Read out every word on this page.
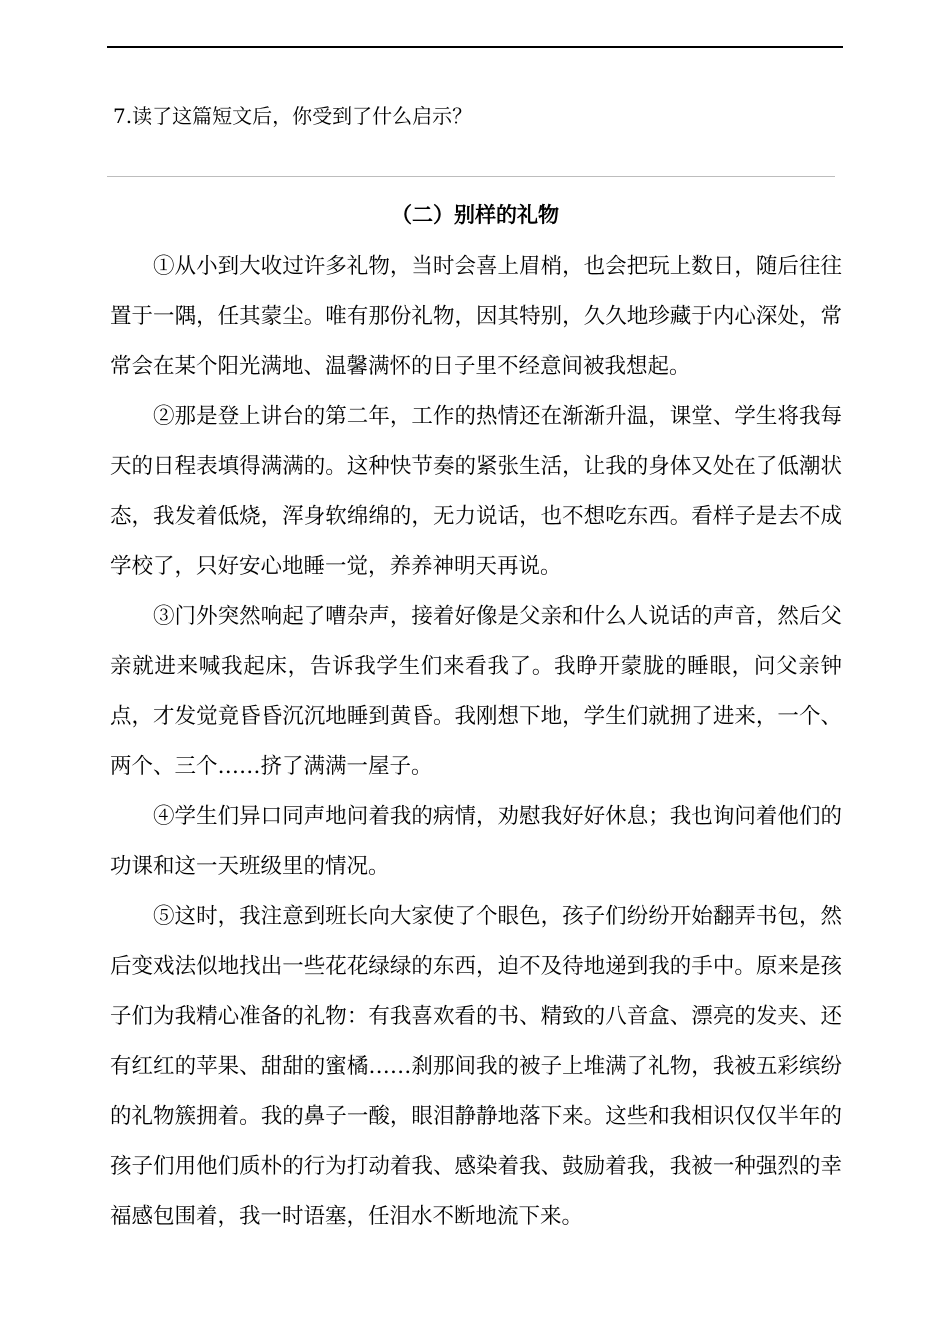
7.读了这篇短文后，你受到了什么启示？
（二）别样的礼物

①从小到大收过许多礼物，当时会喜上眉梢，也会把玩上数日，随后往往置于一隅，任其蒙尘。唯有那份礼物，因其特别，久久地珍藏于内心深处，常常会在某个阳光满地、温馨满怀的日子里不经意间被我想起。

②那是登上讲台的第二年，工作的热情还在渐渐升温，课堂、学生将我每天的日程表填得满满的。这种快节奏的紧张生活，让我的身体又处在了低潮状态，我发着低烧，浑身软绵绵的，无力说话，也不想吃东西。看样子是去不成学校了，只好安心地睡一觉，养养神明天再说。

③门外突然响起了嘈杂声，接着好像是父亲和什么人说话的声音，然后父亲就进来喊我起床，告诉我学生们来看我了。我睁开蒙胧的睡眼，问父亲钟点，才发觉竟昏昏沉沉地睡到黄昏。我刚想下地，学生们就拥了进来，一个、两个、三个……挤了满满一屋子。

④学生们异口同声地问着我的病情，劝慰我好好休息；我也询问着他们的功课和这一天班级里的情况。

⑤这时，我注意到班长向大家使了个眼色，孩子们纷纷开始翻弄书包，然后变戏法似地找出一些花花绿绿的东西，迫不及待地递到我的手中。原来是孩子们为我精心准备的礼物：有我喜欢看的书、精致的八音盒、漂亮的发夹、还有红红的苹果、甜甜的蜜橘……刹那间我的被子上堆满了礼物，我被五彩缤纷的礼物簇拥着。我的鼻子一酸，眼泪静静地落下来。这些和我相识仅仅半年的孩子们用他们质朴的行为打动着我、感染着我、鼓励着我，我被一种强烈的幸福感包围着，我一时语塞，任泪水不断地流下来。
